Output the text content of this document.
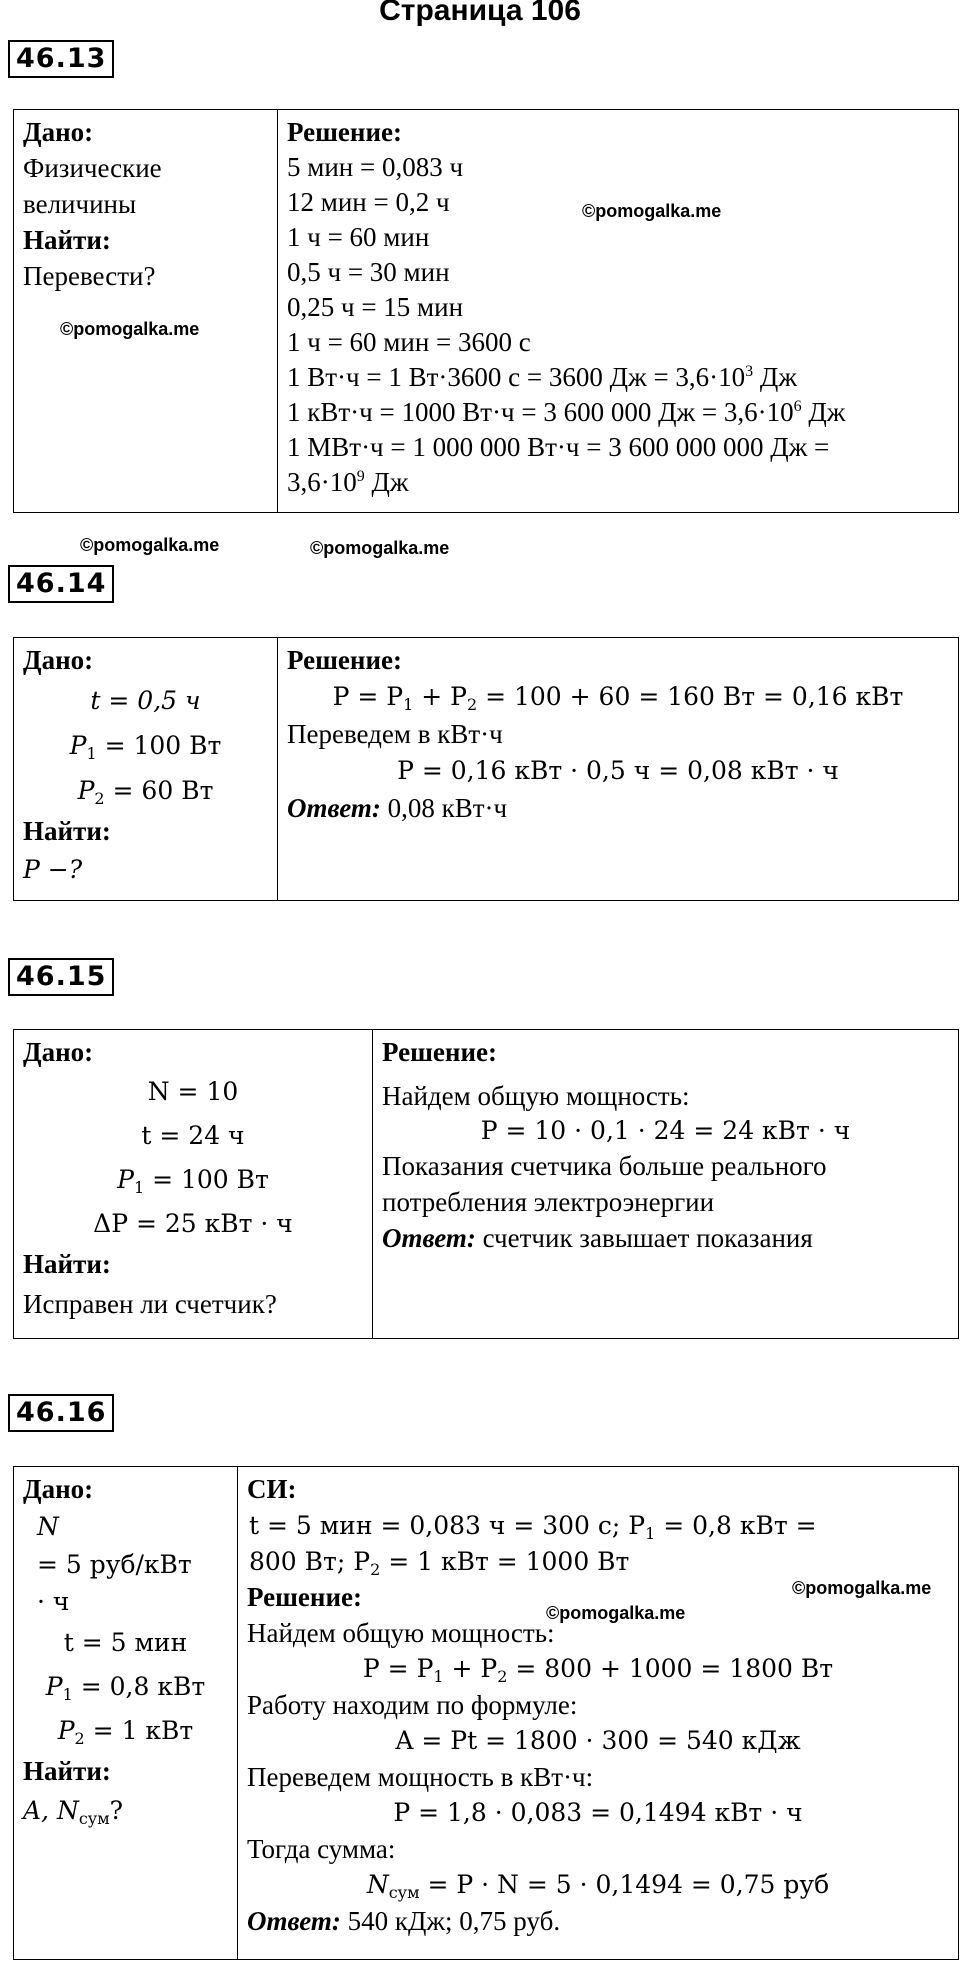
Страница 106
46.13
Дано:
Физические
величины
Найти:
Перевести?

Решение:
5 мин = 0,083 ч
12 мин = 0,2 ч
1 ч = 60 мин
0,5 ч = 30 мин
0,25 ч = 15 мин
1 ч = 60 мин = 3600 с
1 Вт·ч = 1 Вт·3600 с = 3600 Дж = $3,6\cdot 10^3$ Дж
1 кВт·ч = 1000 Вт·ч = 3 600 000 Дж = $3,6\cdot 10^6$ Дж
1 МВт·ч = 1 000 000 Вт·ч = 3 600 000 000 Дж =
$3,6\cdot 10^9$ Дж
©pomogalka.me
©pomogalka.me
©pomogalka.me	©pomogalka.me
46.14
Дано:
t = 0,5 ч
$P_1 = 100$ Вт
$P_2 = 60$ Вт
Найти:
P −?

Решение:
$P = P_1 + P_2 = 100 + 60 = 160$ Вт = 0,16 кВт
Переведем в кВт·ч
P = 0,16 кВт · 0,5 ч = 0,08 кВт · ч
Ответ: 0,08 кВт·ч
46.15
Дано:
N = 10
t = 24 ч
$P_1 = 100$ Вт
ΔP = 25 кВт · ч
Найти:
Исправен ли счетчик?

Решение:
Найдем общую мощность:
P = 10 · 0,1 · 24 = 24 кВт · ч
Показания счетчика больше реального
потребления электроэнергии
Ответ: счетчик завышает показания
46.16
Дано:
N
= 5 руб/кВт
· ч
t = 5 мин
$P_1 = 0,8$ кВт
$P_2 = 1$ кВт
Найти:
A, $N_{сум}$?

СИ:
t = 5 мин = 0,083 ч = 300 с; $P_1 = 0,8$ кВт =
800 Вт; $P_2 = 1$ кВт = 1000 Вт
Решение:
Найдем общую мощность:
$P = P_1 + P_2 = 800 + 1000 = 1800$ Вт
Работу находим по формуле:
A = Pt = 1800 · 300 = 540 кДж
Переведем мощность в кВт·ч:
P = 1,8 · 0,083 = 0,1494 кВт · ч
Тогда сумма:
$N_{сум} = P \cdot N = 5 \cdot 0,1494 = 0,75$ руб
Ответ: 540 кДж; 0,75 руб.
©pomogalka.me
©pomogalka.me
